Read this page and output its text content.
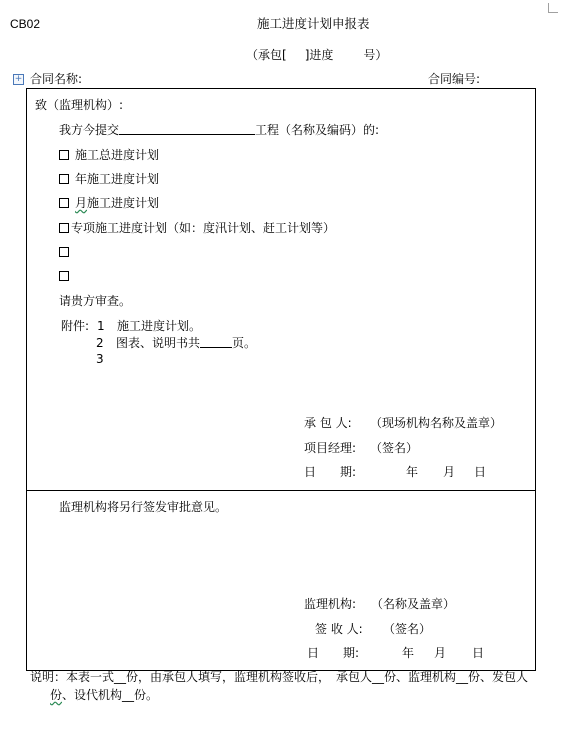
CB02	施工进度计划申报表
（承包[ ]进度	号）
+ 合同名称:	合同编号:
致（监理机构）:
我方今提交	工程（名称及编码）的:
施工总进度计划
年施工进度计划
月施工进度计划
专项施工进度计划（如：度汛计划、赶工计划等）
请贵方审查。
附件: 1 施工进度计划。
2 图表、说明书共	页。
3
承 包 人: （现场机构名称及盖章）
项目经理: （签名）
日　　期:	年 月 日
监理机构将另行签发审批意见。
监理机构: （名称及盖章）
签 收 人: （签名）
日　　期:	年 月 日
说明：本表一式__份，由承包人填写，监理机构签收后，　承包人__份、监理机构__份、发包人
份、设代机构__份。
